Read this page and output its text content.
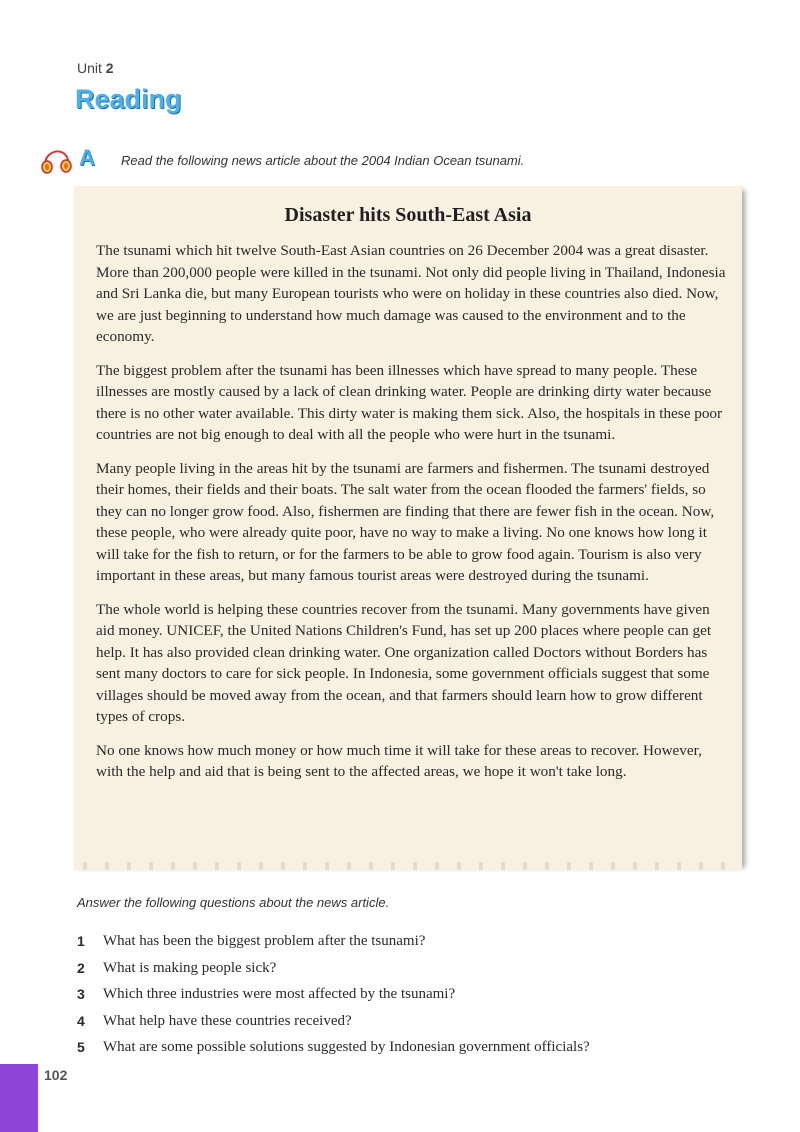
Unit 2
Reading
A	Read the following news article about the 2004 Indian Ocean tsunami.
Disaster hits South-East Asia

The tsunami which hit twelve South-East Asian countries on 26 December 2004 was a great disaster. More than 200,000 people were killed in the tsunami. Not only did people living in Thailand, Indonesia and Sri Lanka die, but many European tourists who were on holiday in these countries also died. Now, we are just beginning to understand how much damage was caused to the environment and to the economy.

The biggest problem after the tsunami has been illnesses which have spread to many people. These illnesses are mostly caused by a lack of clean drinking water. People are drinking dirty water because there is no other water available. This dirty water is making them sick. Also, the hospitals in these poor countries are not big enough to deal with all the people who were hurt in the tsunami.

Many people living in the areas hit by the tsunami are farmers and fishermen. The tsunami destroyed their homes, their fields and their boats. The salt water from the ocean flooded the farmers' fields, so they can no longer grow food. Also, fishermen are finding that there are fewer fish in the ocean. Now, these people, who were already quite poor, have no way to make a living. No one knows how long it will take for the fish to return, or for the farmers to be able to grow food again. Tourism is also very important in these areas, but many famous tourist areas were destroyed during the tsunami.

The whole world is helping these countries recover from the tsunami. Many governments have given aid money. UNICEF, the United Nations Children's Fund, has set up 200 places where people can get help. It has also provided clean drinking water. One organization called Doctors without Borders has sent many doctors to care for sick people. In Indonesia, some government officials suggest that some villages should be moved away from the ocean, and that farmers should learn how to grow different types of crops.

No one knows how much money or how much time it will take for these areas to recover. However, with the help and aid that is being sent to the affected areas, we hope it won't take long.

Answer the following questions about the news article.
1	What has been the biggest problem after the tsunami?
2	What is making people sick?
3	Which three industries were most affected by the tsunami?
4	What help have these countries received?
5	What are some possible solutions suggested by Indonesian government officials?
102
